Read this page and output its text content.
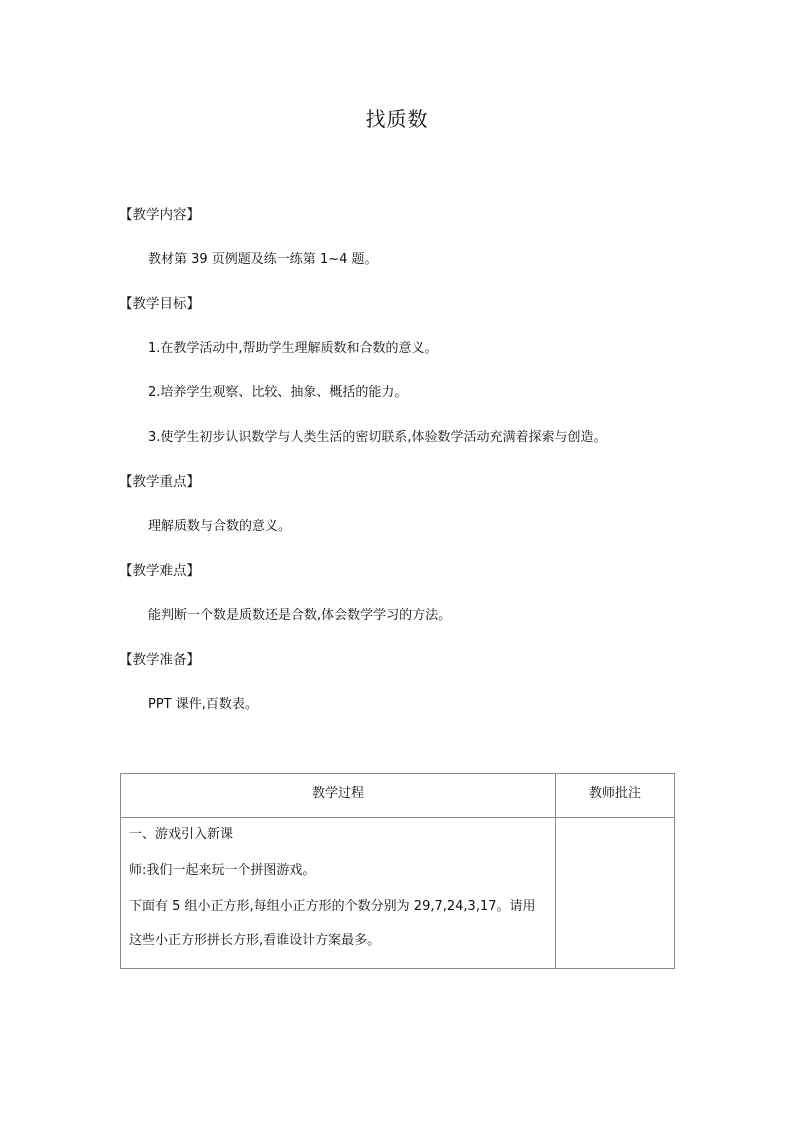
找质数
【教学内容】
教材第 39 页例题及练一练第 1~4 题。
【教学目标】
1.在教学活动中,帮助学生理解质数和合数的意义。
2.培养学生观察、比较、抽象、概括的能力。
3.使学生初步认识数学与人类生活的密切联系,体验数学活动充满着探索与创造。
【教学重点】
理解质数与合数的意义。
【教学难点】
能判断一个数是质数还是合数,体会数学学习的方法。
【教学准备】
PPT 课件,百数表。
教学过程	教师批注

一、游戏引入新课

师:我们一起来玩一个拼图游戏。

下面有 5 组小正方形,每组小正方形的个数分别为 29,7,24,3,17。请用这些小正方形拼长方形,看谁设计方案最多。	
